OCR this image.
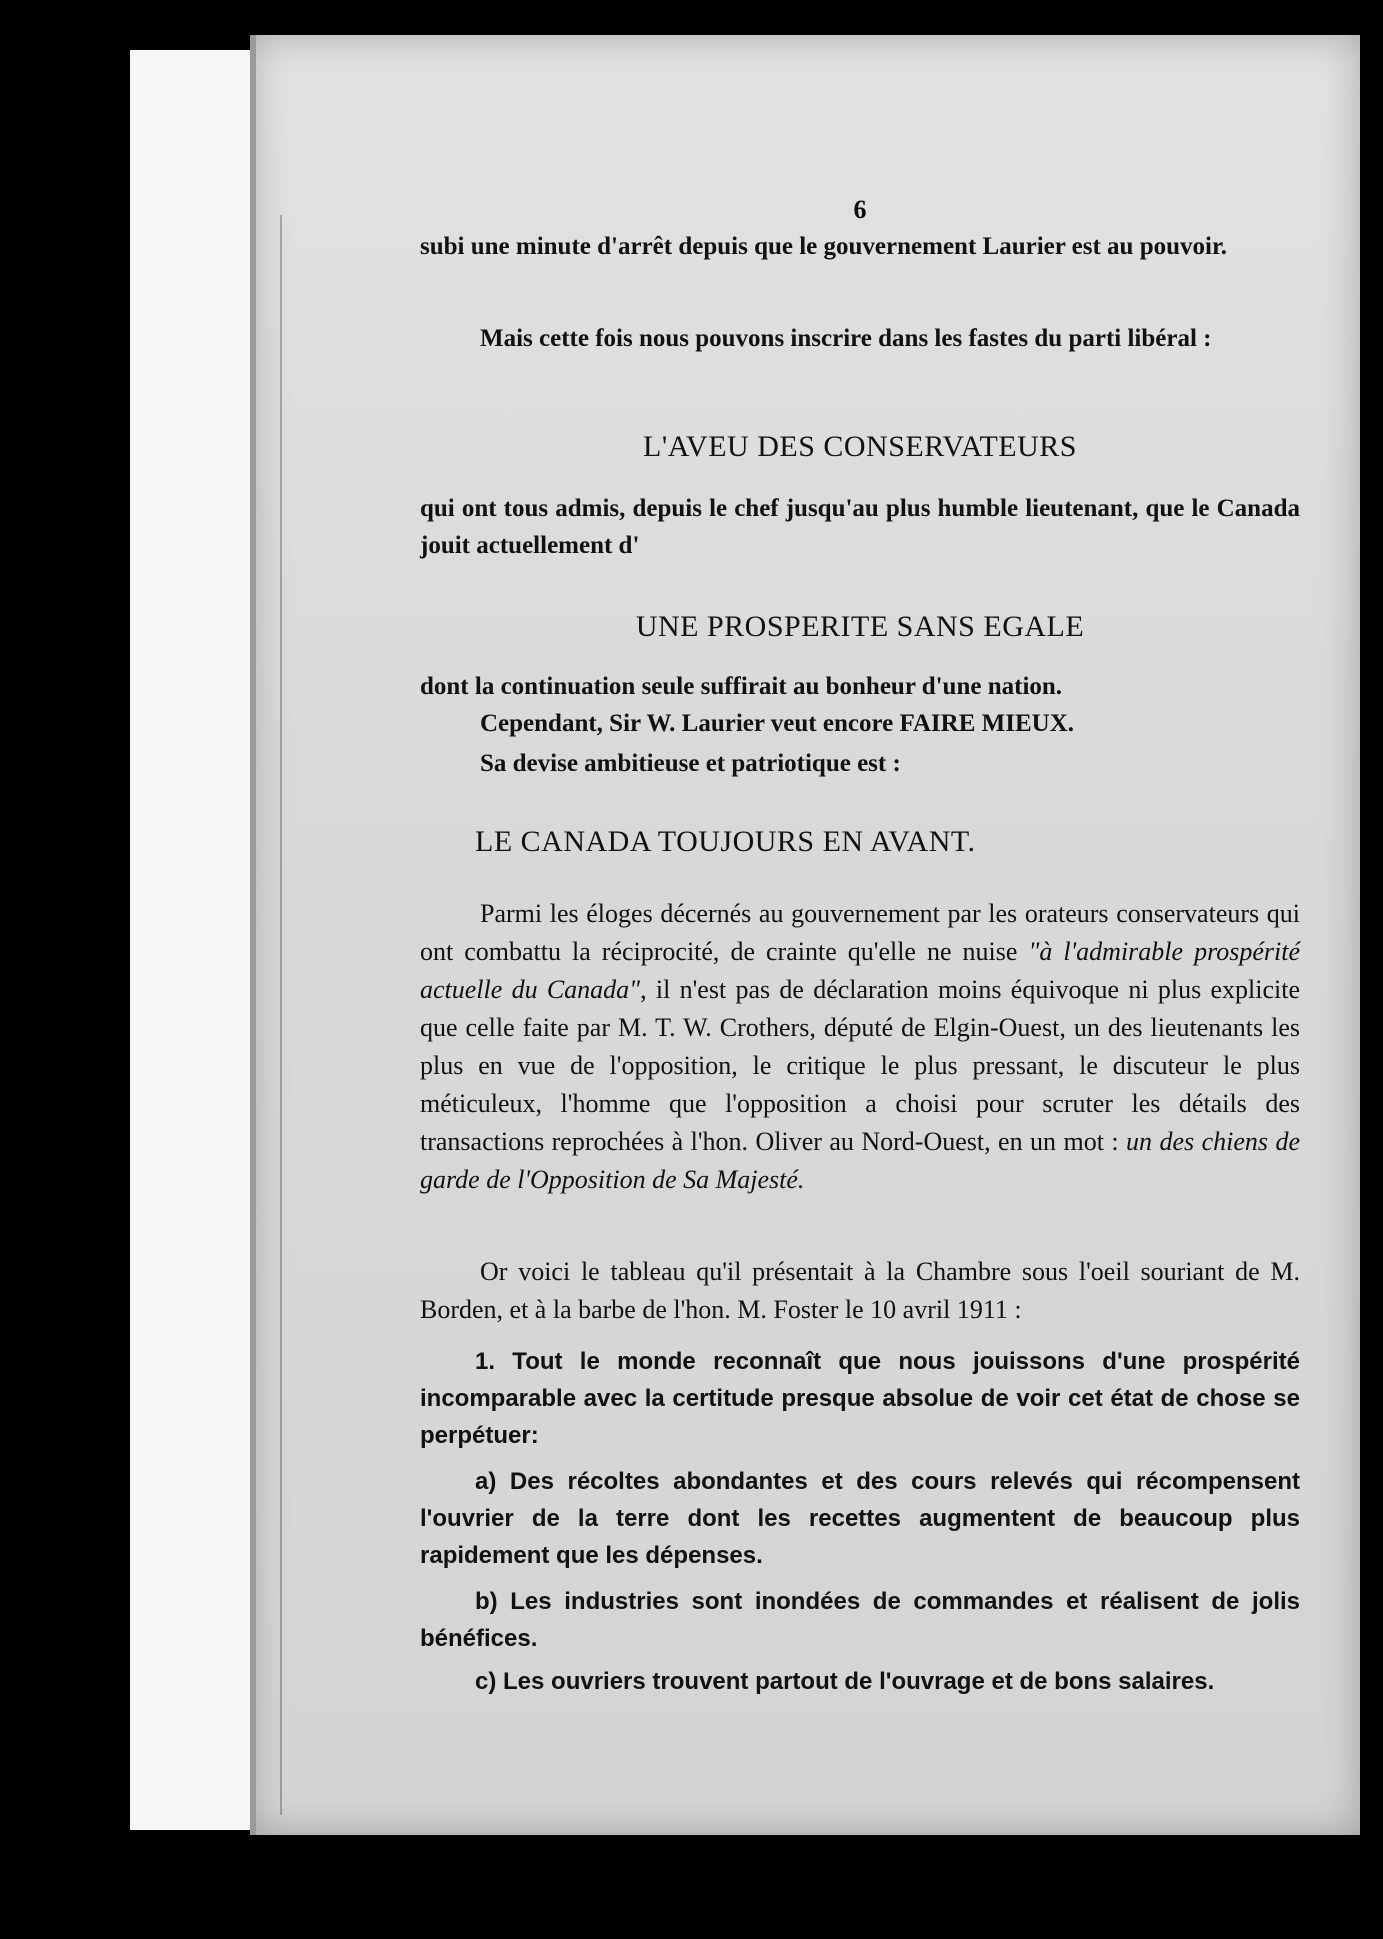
6
subi une minute d'arrêt depuis que le gouvernement Laurier est au pouvoir.
Mais cette fois nous pouvons inscrire dans les fastes du parti libéral :
L'AVEU DES CONSERVATEURS
qui ont tous admis, depuis le chef jusqu'au plus humble lieutenant, que le Canada jouit actuellement d'
UNE PROSPERITE SANS EGALE
dont la continuation seule suffirait au bonheur d'une nation.
Cependant, Sir W. Laurier veut encore FAIRE MIEUX.
Sa devise ambitieuse et patriotique est :
LE CANADA TOUJOURS EN AVANT.
Parmi les éloges décernés au gouvernement par les orateurs conservateurs qui ont combattu la réciprocité, de crainte qu'elle ne nuise "à l'admirable prospérité actuelle du Canada", il n'est pas de déclaration moins équivoque ni plus explicite que celle faite par M. T. W. Crothers, député de Elgin-Ouest, un des lieutenants les plus en vue de l'opposition, le critique le plus pressant, le discuteur le plus méticuleux, l'homme que l'opposition a choisi pour scruter les détails des transactions reprochées à l'hon. Oliver au Nord-Ouest, en un mot : un des chiens de garde de l'Opposition de Sa Majesté.
Or voici le tableau qu'il présentait à la Chambre sous l'oeil souriant de M. Borden, et à la barbe de l'hon. M. Foster le 10 avril 1911 :
1. Tout le monde reconnaît que nous jouissons d'une prospérité incomparable avec la certitude presque absolue de voir cet état de chose se perpétuer:
a) Des récoltes abondantes et des cours relevés qui récompensent l'ouvrier de la terre dont les recettes augmentent de beaucoup plus rapidement que les dépenses.
b) Les industries sont inondées de commandes et réalisent de jolis bénéfices.
c) Les ouvriers trouvent partout de l'ouvrage et de bons salaires.
